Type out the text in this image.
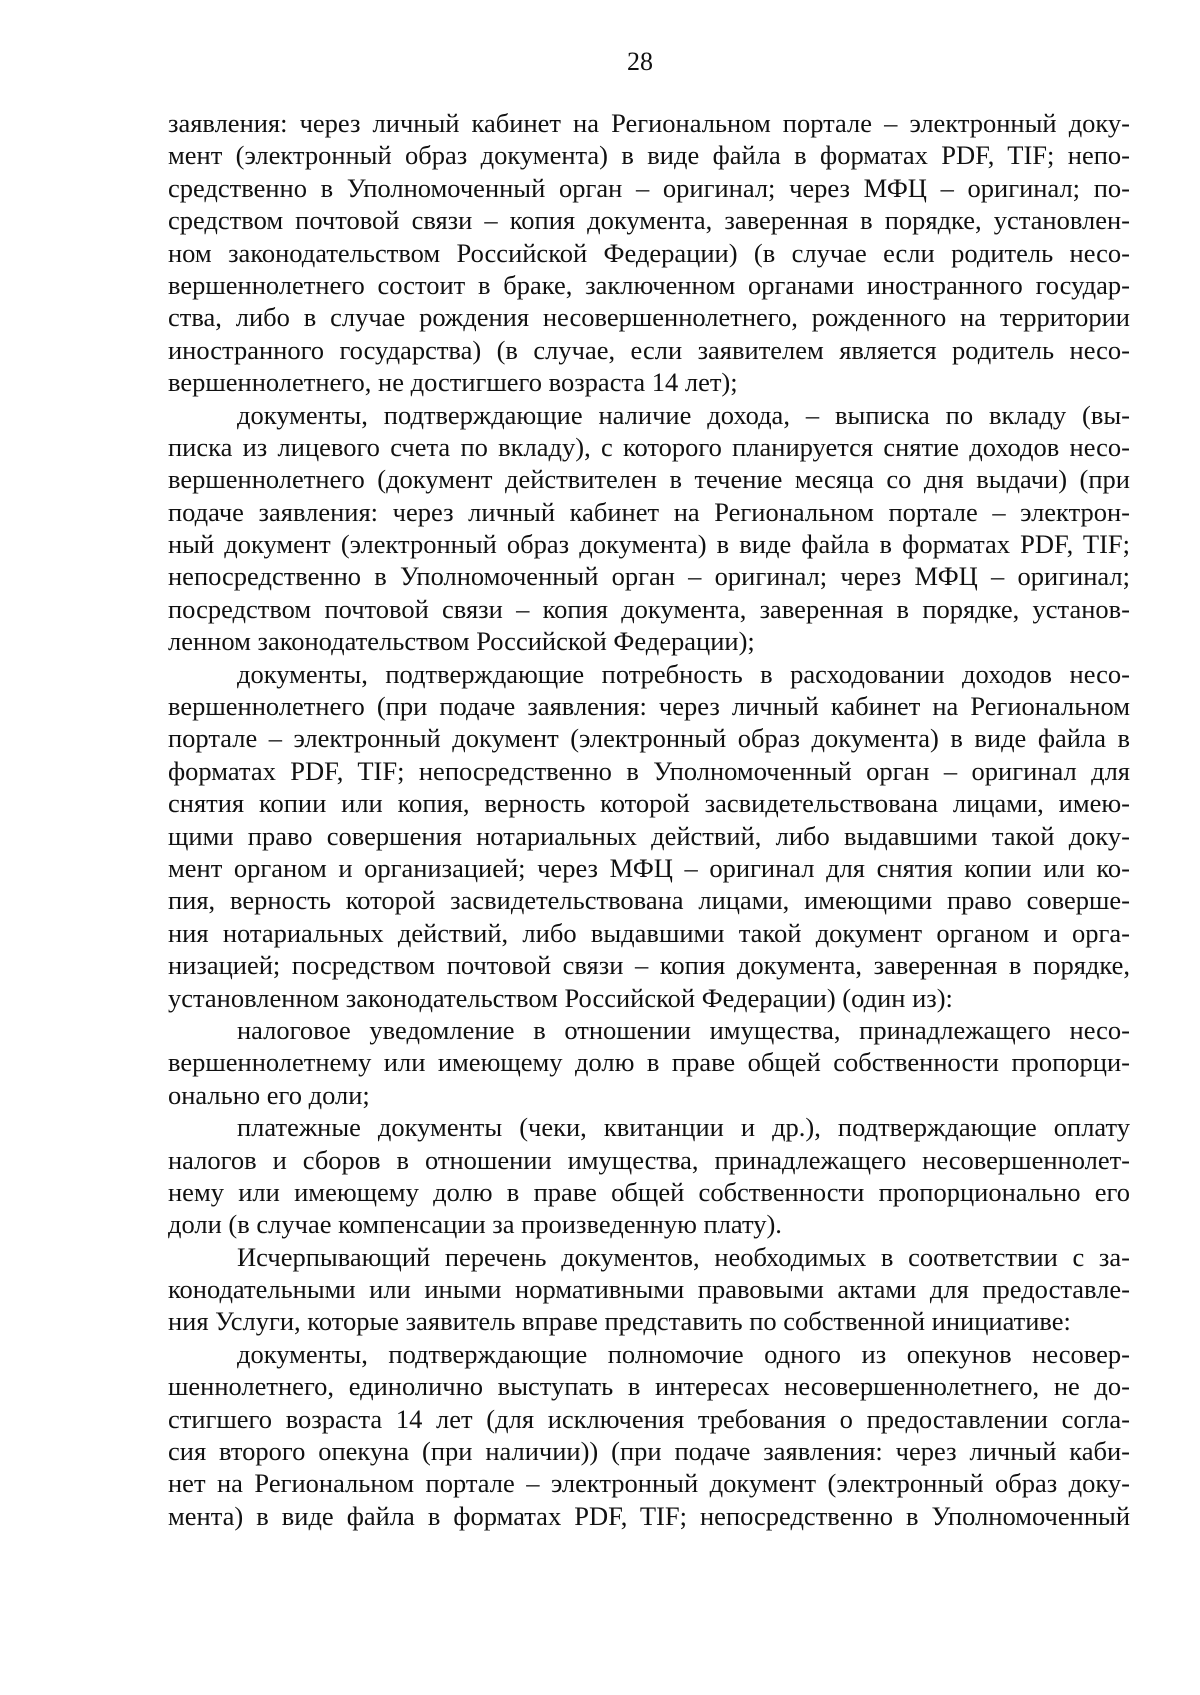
28
заявления: через личный кабинет на Региональном портале – электронный доку-
мент (электронный образ документа) в виде файла в форматах PDF, TIF; непо-
средственно в Уполномоченный орган – оригинал; через МФЦ – оригинал; по-
средством почтовой связи – копия документа, заверенная в порядке, установлен-
ном законодательством Российской Федерации) (в случае если родитель несо-
вершеннолетнего состоит в браке, заключенном органами иностранного государ-
ства, либо в случае рождения несовершеннолетнего, рожденного на территории
иностранного государства) (в случае, если заявителем является родитель несо-
вершеннолетнего, не достигшего возраста 14 лет);
документы, подтверждающие наличие дохода, – выписка по вкладу (вы-
писка из лицевого счета по вкладу), с которого планируется снятие доходов несо-
вершеннолетнего (документ действителен в течение месяца со дня выдачи) (при
подаче заявления: через личный кабинет на Региональном портале – электрон-
ный документ (электронный образ документа) в виде файла в форматах PDF, TIF;
непосредственно в Уполномоченный орган – оригинал; через МФЦ – оригинал;
посредством почтовой связи – копия документа, заверенная в порядке, установ-
ленном законодательством Российской Федерации);
документы, подтверждающие потребность в расходовании доходов несо-
вершеннолетнего (при подаче заявления: через личный кабинет на Региональном
портале – электронный документ (электронный образ документа) в виде файла в
форматах PDF, TIF; непосредственно в Уполномоченный орган – оригинал для
снятия копии или копия, верность которой засвидетельствована лицами, имею-
щими право совершения нотариальных действий, либо выдавшими такой доку-
мент органом и организацией; через МФЦ – оригинал для снятия копии или ко-
пия, верность которой засвидетельствована лицами, имеющими право соверше-
ния нотариальных действий, либо выдавшими такой документ органом и орга-
низацией; посредством почтовой связи – копия документа, заверенная в порядке,
установленном законодательством Российской Федерации) (один из):
налоговое уведомление в отношении имущества, принадлежащего несо-
вершеннолетнему или имеющему долю в праве общей собственности пропорци-
онально его доли;
платежные документы (чеки, квитанции и др.), подтверждающие оплату
налогов и сборов в отношении имущества, принадлежащего несовершеннолет-
нему или имеющему долю в праве общей собственности пропорционально его
доли (в случае компенсации за произведенную плату).
Исчерпывающий перечень документов, необходимых в соответствии с за-
конодательными или иными нормативными правовыми актами для предоставле-
ния Услуги, которые заявитель вправе представить по собственной инициативе:
документы, подтверждающие полномочие одного из опекунов несовер-
шеннолетнего, единолично выступать в интересах несовершеннолетнего, не до-
стигшего возраста 14 лет (для исключения требования о предоставлении согла-
сия второго опекуна (при наличии)) (при подаче заявления: через личный каби-
нет на Региональном портале – электронный документ (электронный образ доку-
мента) в виде файла в форматах PDF, TIF; непосредственно в Уполномоченный
